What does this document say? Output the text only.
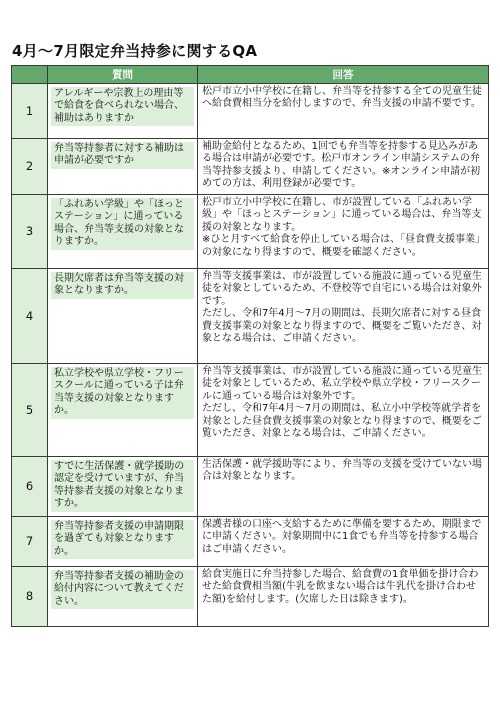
4月～7月限定弁当持参に関するQA
	質問	回答
1	アレルギーや宗教上の理由等で給食を食べられない場合、補助はありますか	松戸市立小中学校に在籍し、弁当等を持参する全ての児童生徒へ給食費相当分を給付しますので、弁当支援の申請不要です。

2	弁当等持参者に対する補助は申請が必要ですか	補助金給付となるため、1回でも弁当等を持参する見込みがある場合は申請が必要です。松戸市オンライン申請システムの弁当等持参支援より、申請してください。※オンライン申請が初めての方は、利用登録が必要です。

3	「ふれあい学級」や「ほっとステーション」に通っている場合、弁当等支援の対象となりますか。	松戸市立小中学校に在籍し、市が設置している「ふれあい学級」や「ほっとステーション」に通っている場合は、弁当等支援の対象となります。
※ひと月すべて給食を停止している場合は、「昼食費支援事業」の対象になり得ますので、概要を確認ください。

4	長期欠席者は弁当等支援の対象となりますか。	弁当等支援事業は、市が設置している施設に通っている児童生徒を対象としているため、不登校等で自宅にいる場合は対象外です。
ただし、令和7年4月～7月の期間は、長期欠席者に対する昼食費支援事業の対象となり得ますので、概要をご覧いただき、対象となる場合は、ご申請ください。

5	私立学校や県立学校・フリースクールに通っている子は弁当等支援の対象となりますか。	弁当等支援事業は、市が設置している施設に通っている児童生徒を対象としているため、私立学校や県立学校・フリースクールに通っている場合は対象外です。
ただし、令和7年4月～7月の期間は、私立小中学校等就学者を対象とした昼食費支援事業の対象となり得ますので、概要をご覧いただき、対象となる場合は、ご申請ください。

6	すでに生活保護・就学援助の認定を受けていますが、弁当等持参者支援の対象となりますか。	生活保護・就学援助等により、弁当等の支援を受けていない場合は対象となります。

7	弁当等持参者支援の申請期限を過ぎても対象となりますか。	保護者様の口座へ支給するために準備を要するため、期限までに申請ください。対象期間中に1食でも弁当等を持参する場合はご申請ください。

8	弁当等持参者支援の補助金の給付内容について教えてください。	給食実施日に弁当持参した場合、給食費の1食単価を掛け合わせた給食費相当額(牛乳を飲まない場合は牛乳代を掛け合わせた額)を給付します。(欠席した日は除きます)。
